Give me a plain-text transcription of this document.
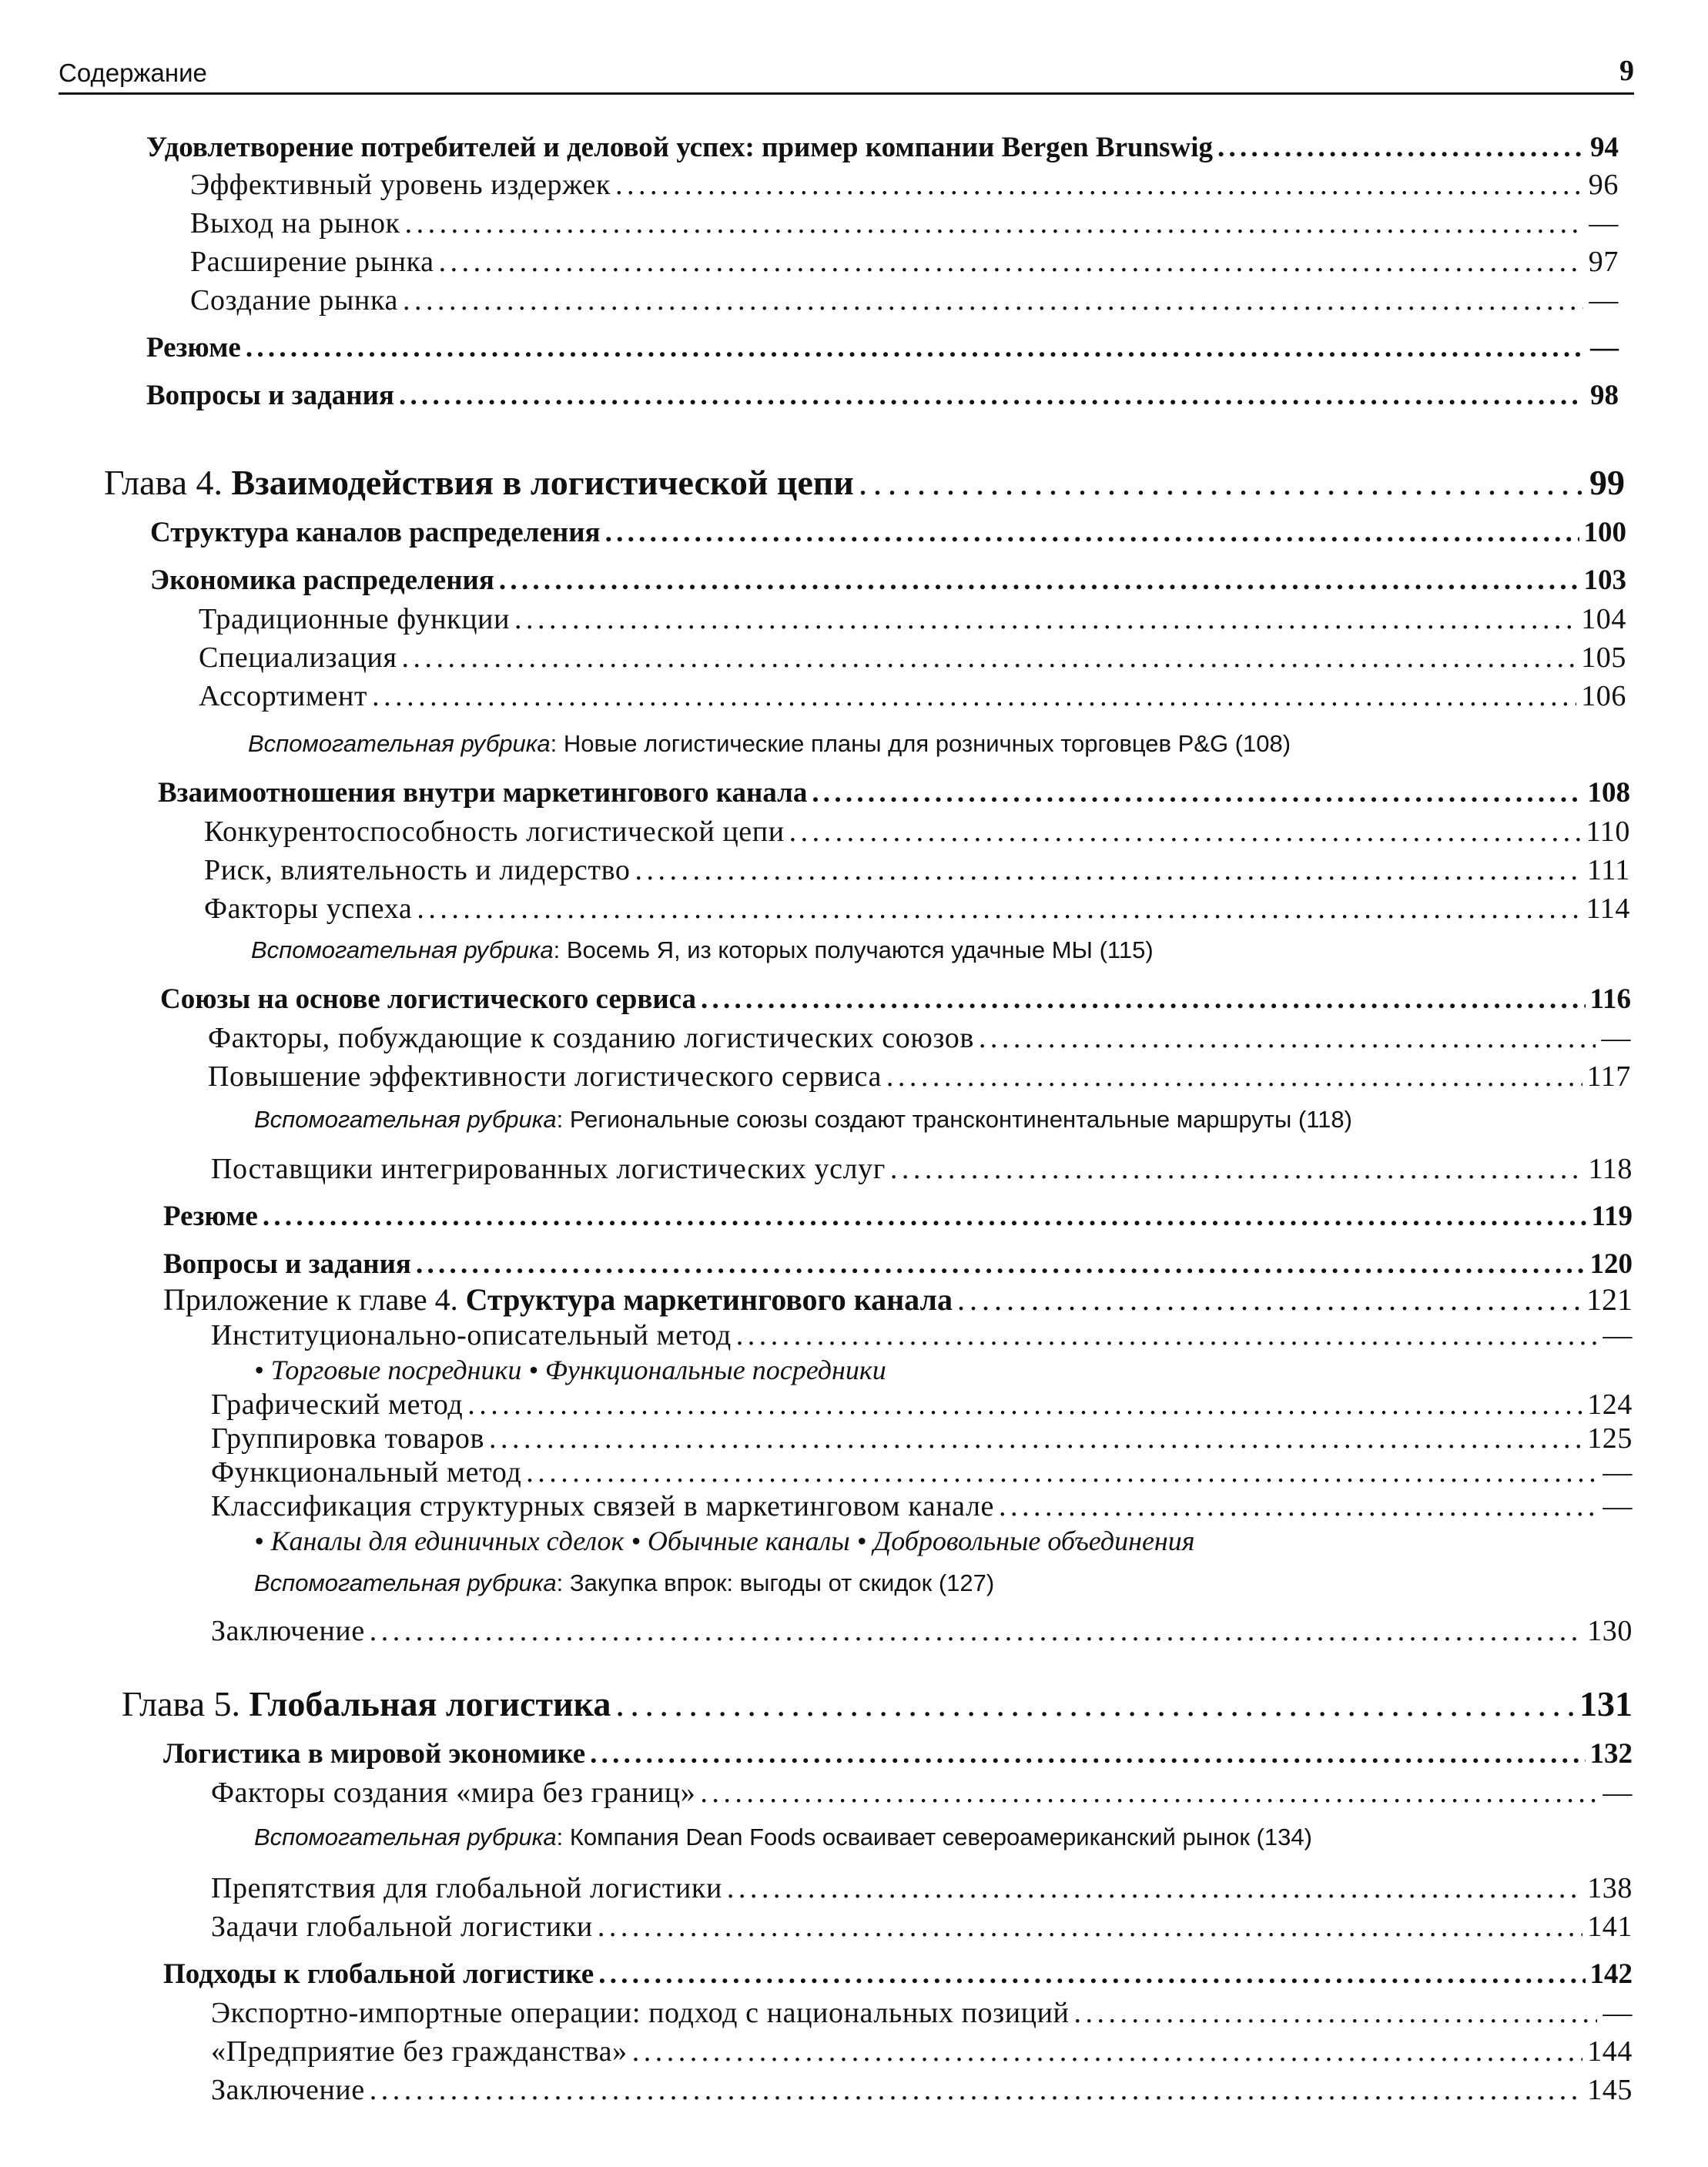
Содержание	9
Удовлетворение потребителей и деловой успех: пример компании Bergen Brunswig . . .	94
Эффективный уровень издержек . . .	96
Выход на рынок . . .	—
Расширение рынка . . .	97
Создание рынка . . .	—
Резюме . . .	—
Вопросы и задания . . .	98
Глава 4. Взаимодействия в логистической цепи . . .	99
Структура каналов распределения . . .	100
Экономика распределения . . .	103
Традиционные функции . . .	104
Специализация . . .	105
Ассортимент . . .	106
Вспомогательная рубрика: Новые логистические планы для розничных торговцев P&G (108)
Взаимоотношения внутри маркетингового канала . . .	108
Конкурентоспособность логистической цепи . . .	110
Риск, влиятельность и лидерство . . .	111
Факторы успеха . . .	114
Вспомогательная рубрика: Восемь Я, из которых получаются удачные МЫ (115)
Союзы на основе логистического сервиса . . .	116
Факторы, побуждающие к созданию логистических союзов . . .	—
Повышение эффективности логистического сервиса . . .	117
Вспомогательная рубрика: Региональные союзы создают трансконтинентальные маршруты (118)
Поставщики интегрированных логистических услуг . . .	118
Резюме . . .	119
Вопросы и задания . . .	120
Приложение к главе 4. Структура маркетингового канала . . .	121
Институционально-описательный метод . . .	—
• Торговые посредники • Функциональные посредники
Графический метод . . .	124
Группировка товаров . . .	125
Функциональный метод . . .	—
Классификация структурных связей в маркетинговом канале . . .	—
• Каналы для единичных сделок • Обычные каналы • Добровольные объединения
Вспомогательная рубрика: Закупка впрок: выгоды от скидок (127)
Заключение . . .	130
Глава 5. Глобальная логистика . . .	131
Логистика в мировой экономике . . .	132
Факторы создания «мира без границ» . . .	—
Вспомогательная рубрика: Компания Dean Foods осваивает североамериканский рынок (134)
Препятствия для глобальной логистики . . .	138
Задачи глобальной логистики . . .	141
Подходы к глобальной логистике . . .	142
Экспортно-импортные операции: подход с национальных позиций . . .	—
«Предприятие без гражданства» . . .	144
Заключение . . .	145
